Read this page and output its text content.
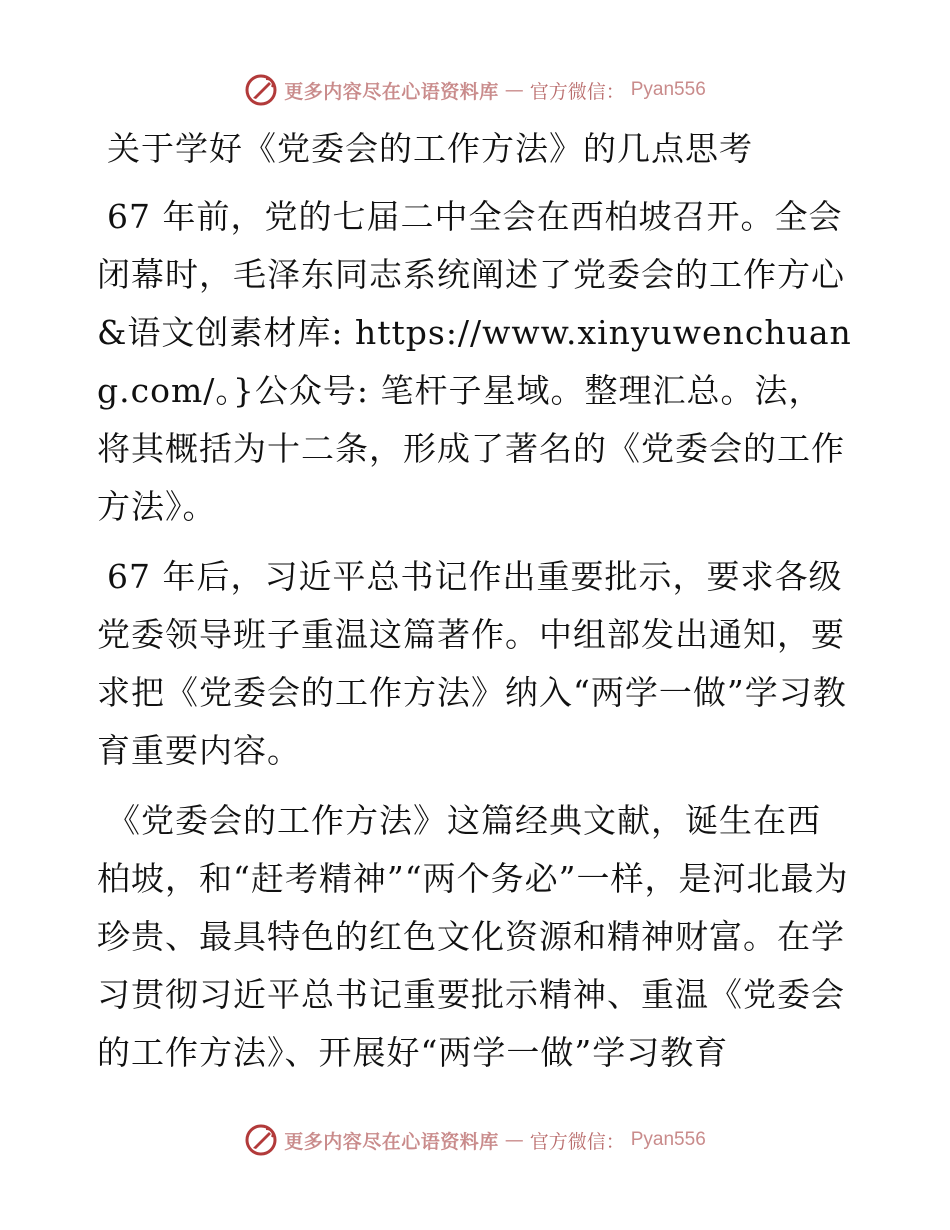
更多内容尽在心语资料库 — 官方微信： Pyan556
关于学好《党委会的工作方法》的几点思考

67 年前，党的七届二中全会在西柏坡召开。全会闭幕时，毛泽东同志系统阐述了党委会的工作方心&语文创素材库: https://www.xinyuwenchuang.com/。}公众号: 笔杆子星域。整理汇总。法，将其概括为十二条，形成了著名的《党委会的工作方法》。

67 年后，习近平总书记作出重要批示，要求各级党委领导班子重温这篇著作。中组部发出通知，要求把《党委会的工作方法》纳入“两学一做”学习教育重要内容。

《党委会的工作方法》这篇经典文献，诞生在西柏坡，和“赶考精神”“两个务必”一样，是河北最为珍贵、最具特色的红色文化资源和精神财富。在学习贯彻习近平总书记重要批示精神、重温《党委会的工作方法》、开展好“两学一做”学习教育

更多内容尽在心语资料库 — 官方微信： Pyan556
